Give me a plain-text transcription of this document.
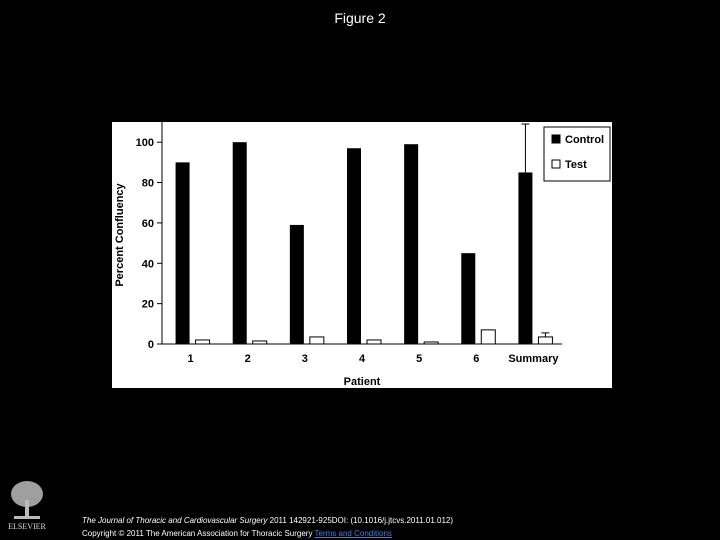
Figure 2
0
20
40
60
80
100
Percent Confluency
1	2	3	4	5	6	Summary
Patient
Control
Test
ELSEVIER
The Journal of Thoracic and Cardiovascular Surgery 2011 142921-925DOI: (10.1016/j.jtcvs.2011.01.012)
Copyright © 2011 The American Association for Thoracic Surgery Terms and Conditions
